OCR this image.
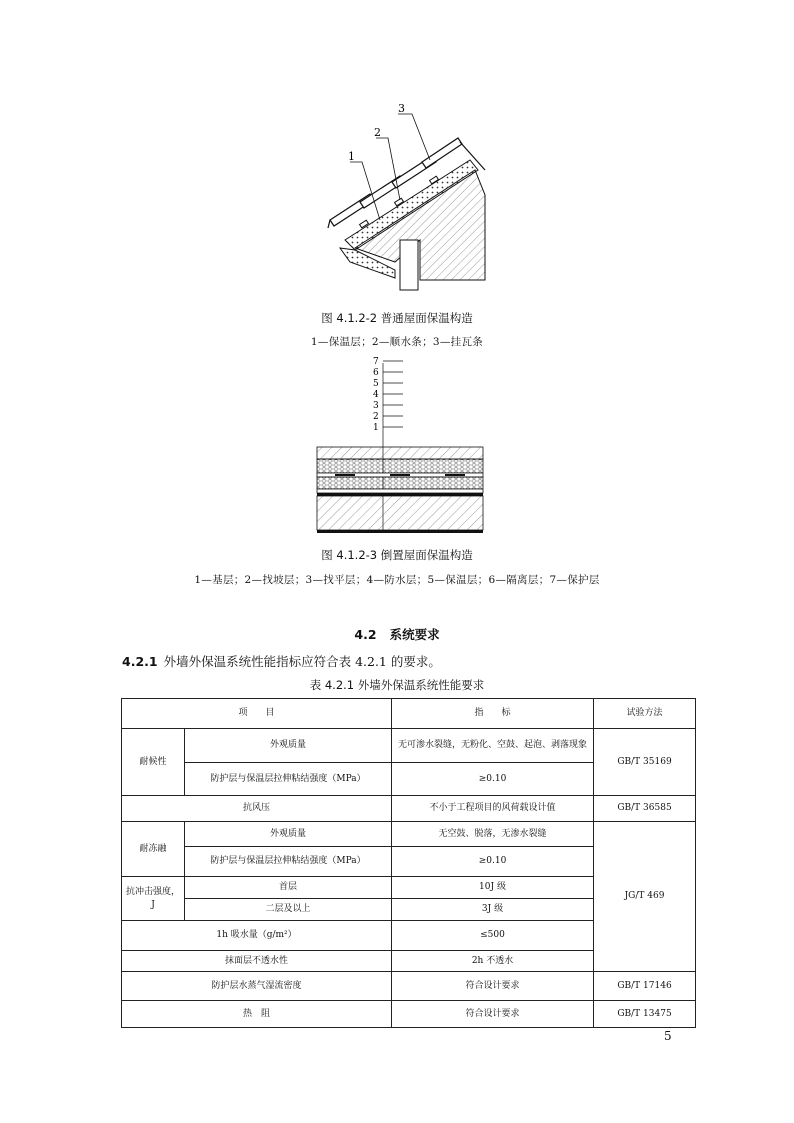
1
2
3
图 4.1.2-2 普通屋面保温构造
1—保温层；2—顺水条；3—挂瓦条
7
6
5
4
3
2
1
图 4.1.2-3 倒置屋面保温构造
1—基层；2—找坡层；3—找平层；4—防水层；5—保温层；6—隔离层；7—保护层
4.2 系统要求
4.2.1 外墙外保温系统性能指标应符合表 4.2.1 的要求。
表 4.2.1 外墙外保温系统性能要求
项　　目		指　　标	试验方法
耐候性	外观质量	无可渗水裂缝，无粉化、空鼓、起泡、剥落现象	GB/T 35169
	防护层与保温层拉伸粘结强度（MPa）	≥0.10	
抗风压		不小于工程项目的风荷载设计值	GB/T 36585
耐冻融	外观质量	无空鼓、脱落，无渗水裂缝	JG/T 469
	防护层与保温层拉伸粘结强度（MPa）	≥0.10	
抗冲击强度，J	首层	10J 级	
	二层及以上	3J 级	
1h 吸水量（g/m²）		≤500	
抹面层不透水性		2h 不透水	
防护层水蒸气湿流密度		符合设计要求	GB/T 17146
热　阻		符合设计要求	GB/T 13475
5
